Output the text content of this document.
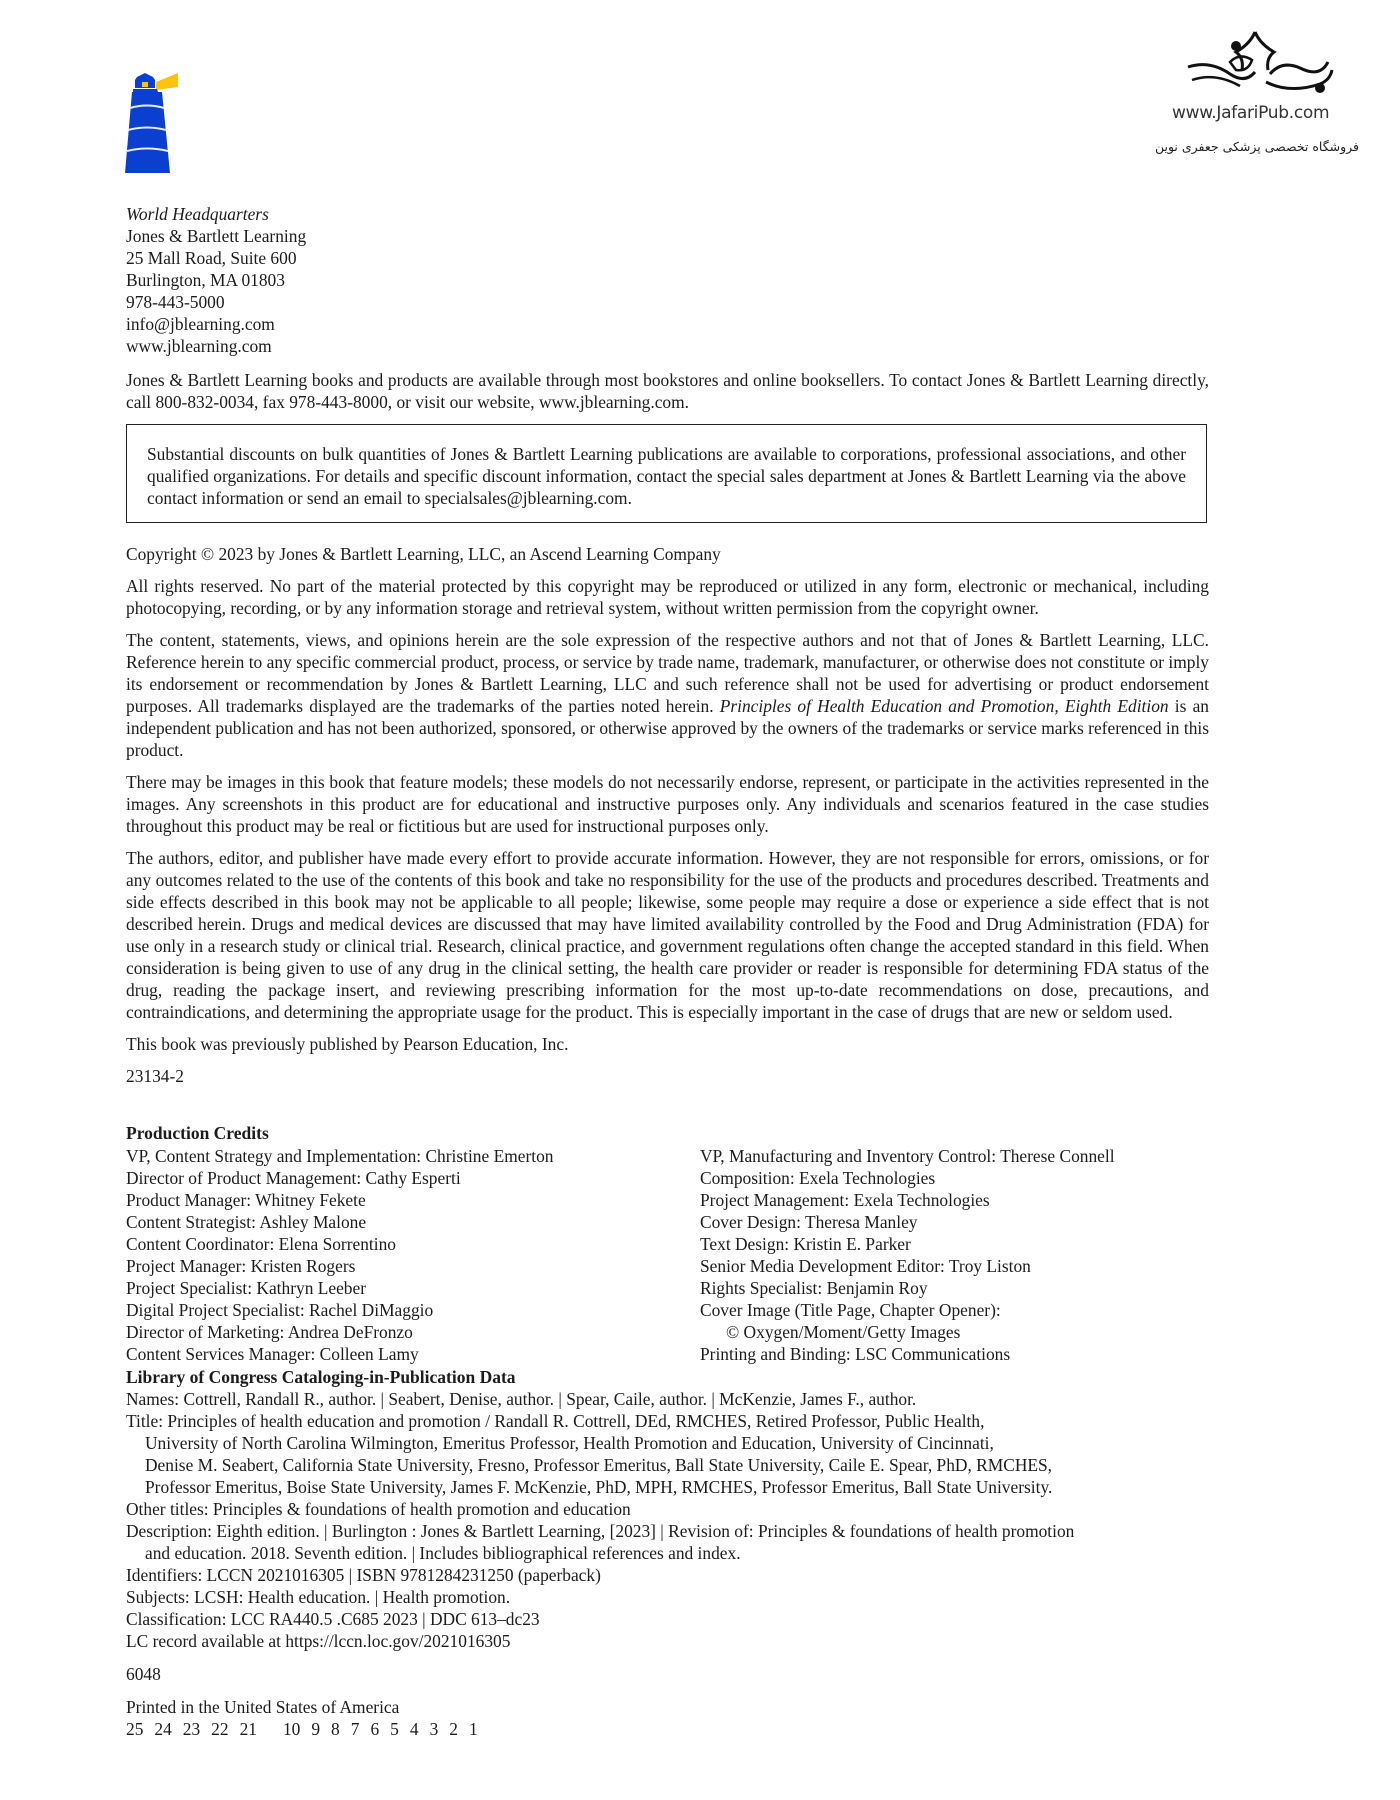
www.JafariPub.com
فروشگاه تخصصی پزشکی جعفری نوین
World Headquarters
Jones & Bartlett Learning
25 Mall Road, Suite 600
Burlington, MA 01803
978-443-5000
info@jblearning.com
www.jblearning.com

Jones & Bartlett Learning books and products are available through most bookstores and online booksellers. To contact Jones & Bartlett Learning directly, call 800-832-0034, fax 978-443-8000, or visit our website, www.jblearning.com.

Substantial discounts on bulk quantities of Jones & Bartlett Learning publications are available to corporations, professional associations, and other qualified organizations. For details and specific discount information, contact the special sales department at Jones & Bartlett Learning via the above contact information or send an email to specialsales@jblearning.com.

Copyright © 2023 by Jones & Bartlett Learning, LLC, an Ascend Learning Company

All rights reserved. No part of the material protected by this copyright may be reproduced or utilized in any form, electronic or mechanical, including photocopying, recording, or by any information storage and retrieval system, without written permission from the copyright owner.

The content, statements, views, and opinions herein are the sole expression of the respective authors and not that of Jones & Bartlett Learning, LLC. Reference herein to any specific commercial product, process, or service by trade name, trademark, manufacturer, or otherwise does not constitute or imply its endorsement or recommendation by Jones & Bartlett Learning, LLC and such reference shall not be used for advertising or product endorsement purposes. All trademarks displayed are the trademarks of the parties noted herein. Principles of Health Education and Promotion, Eighth Edition is an independent publication and has not been authorized, sponsored, or otherwise approved by the owners of the trademarks or service marks referenced in this product.

There may be images in this book that feature models; these models do not necessarily endorse, represent, or participate in the activities represented in the images. Any screenshots in this product are for educational and instructive purposes only. Any individuals and scenarios featured in the case studies throughout this product may be real or fictitious but are used for instructional purposes only.

The authors, editor, and publisher have made every effort to provide accurate information. However, they are not responsible for errors, omissions, or for any outcomes related to the use of the contents of this book and take no responsibility for the use of the products and procedures described. Treatments and side effects described in this book may not be applicable to all people; likewise, some people may require a dose or experience a side effect that is not described herein. Drugs and medical devices are discussed that may have limited availability controlled by the Food and Drug Administration (FDA) for use only in a research study or clinical trial. Research, clinical practice, and government regulations often change the accepted standard in this field. When consideration is being given to use of any drug in the clinical setting, the health care provider or reader is responsible for determining FDA status of the drug, reading the package insert, and reviewing prescribing information for the most up-to-date recommendations on dose, precautions, and contraindications, and determining the appropriate usage for the product. This is especially important in the case of drugs that are new or seldom used.

This book was previously published by Pearson Education, Inc.

23134-2

Production Credits
VP, Content Strategy and Implementation: Christine Emerton
Director of Product Management: Cathy Esperti
Product Manager: Whitney Fekete
Content Strategist: Ashley Malone
Content Coordinator: Elena Sorrentino
Project Manager: Kristen Rogers
Project Specialist: Kathryn Leeber
Digital Project Specialist: Rachel DiMaggio
Director of Marketing: Andrea DeFronzo
Content Services Manager: Colleen Lamy
VP, Manufacturing and Inventory Control: Therese Connell
Composition: Exela Technologies
Project Management: Exela Technologies
Cover Design: Theresa Manley
Text Design: Kristin E. Parker
Senior Media Development Editor: Troy Liston
Rights Specialist: Benjamin Roy
Cover Image (Title Page, Chapter Opener):
© Oxygen/Moment/Getty Images
Printing and Binding: LSC Communications
Library of Congress Cataloging-in-Publication Data
Names: Cottrell, Randall R., author. | Seabert, Denise, author. | Spear, Caile, author. | McKenzie, James F., author.
Title: Principles of health education and promotion / Randall R. Cottrell, DEd, RMCHES, Retired Professor, Public Health,
University of North Carolina Wilmington, Emeritus Professor, Health Promotion and Education, University of Cincinnati,
Denise M. Seabert, California State University, Fresno, Professor Emeritus, Ball State University, Caile E. Spear, PhD, RMCHES,
Professor Emeritus, Boise State University, James F. McKenzie, PhD, MPH, RMCHES, Professor Emeritus, Ball State University.
Other titles: Principles & foundations of health promotion and education
Description: Eighth edition. | Burlington : Jones & Bartlett Learning, [2023] | Revision of: Principles & foundations of health promotion
and education. 2018. Seventh edition. | Includes bibliographical references and index.
Identifiers: LCCN 2021016305 | ISBN 9781284231250 (paperback)
Subjects: LCSH: Health education. | Health promotion.
Classification: LCC RA440.5 .C685 2023 | DDC 613–dc23
LC record available at https://lccn.loc.gov/2021016305
6048
Printed in the United States of America
25 24 23 22 21 10 9 8 7 6 5 4 3 2 1
